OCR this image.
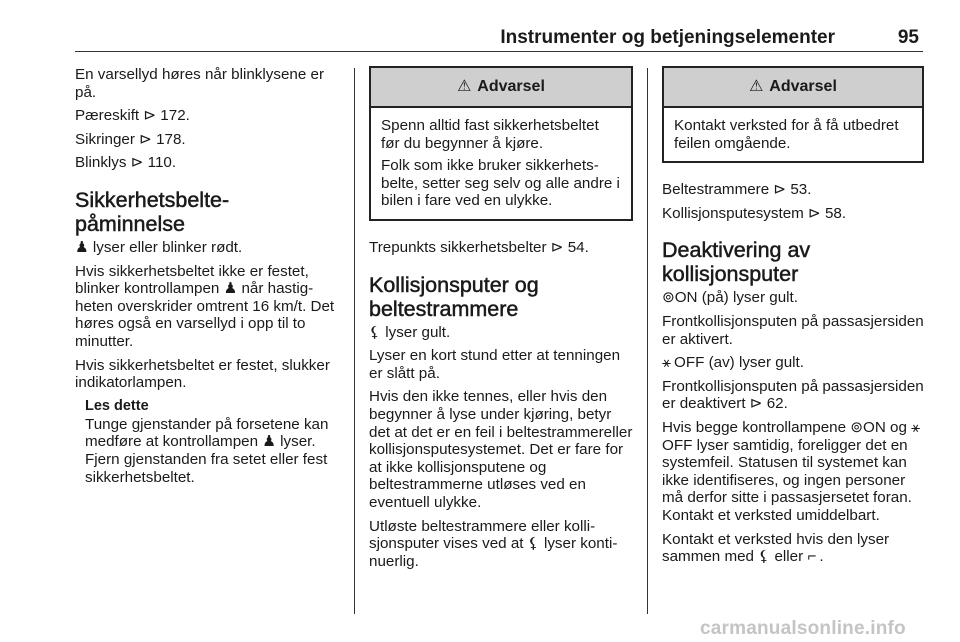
Instrumenter og betjeningselementer	95

En varsellyd høres når blinklysene er på.

Pæreskift ⊳ 172.

Sikringer ⊳ 178.

Blinklys ⊳ 110.

Sikkerhetsbelte-
påminnelse

♟ lyser eller blinker rødt.

Hvis sikkerhetsbeltet ikke er festet, blinker kontrollampen ♟ når hastigheten overskrider omtrent 16 km/t. Det høres også en varsellyd i opp til to minutter.

Hvis sikkerhetsbeltet er festet, slukker indikatorlampen.

Les dette

Tunge gjenstander på forsetene kan medføre at kontrollampen ♟ lyser. Fjern gjenstanden fra setet eller fest sikkerhetsbeltet.

⚠ Advarsel

Spenn alltid fast sikkerhetsbeltet før du begynner å kjøre.

Folk som ikke bruker sikkerhetsbelte, setter seg selv og alle andre i bilen i fare ved en ulykke.

Trepunkts sikkerhetsbelter ⊳ 54.

Kollisjonsputer og
beltestrammere

⚸ lyser gult.

Lyser en kort stund etter at tenningen er slått på.

Hvis den ikke tennes, eller hvis den begynner å lyse under kjøring, betyr det at det er en feil i beltestrammereller kollisjonsputesystemet. Det er fare for at ikke kollisjonsputene og beltestrammerne utløses ved en eventuell ulykke.

Utløste beltestrammere eller kollisjonsputer vises ved at ⚸ lyser kontinuerlig.

⚠ Advarsel

Kontakt verksted for å få utbedret feilen omgående.

Beltestrammere ⊳ 53.

Kollisjonsputesystem ⊳ 58.

Deaktivering av
kollisjonsputer

⊚ON (på) lyser gult.

Frontkollisjonsputen på passasjersiden er aktivert.

⚹ OFF (av) lyser gult.

Frontkollisjonsputen på passasjersiden er deaktivert ⊳ 62.

Hvis begge kontrollampene ⊚ON og ⚹OFF lyser samtidig, foreligger det en systemfeil. Statusen til systemet kan ikke identifiseres, og ingen personer må derfor sitte i passasjersetet foran. Kontakt et verksted umiddelbart.

Kontakt et verksted hvis den lyser sammen med ⚸ eller ⌐ .

carmanualsonline.info
